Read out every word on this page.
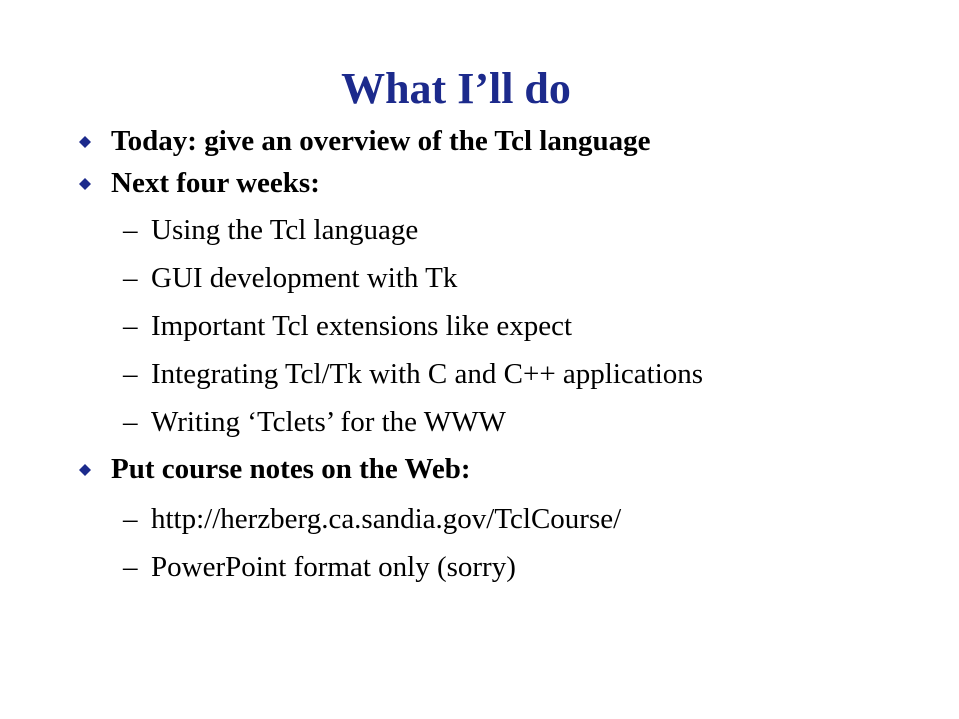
What I’ll do
Today: give an overview of the Tcl language
Next four weeks:
– Using the Tcl language
– GUI development with Tk
– Important Tcl extensions like expect
– Integrating Tcl/Tk with C and C++ applications
– Writing ‘Tclets’ for the WWW
Put course notes on the Web:
– http://herzberg.ca.sandia.gov/TclCourse/
– PowerPoint format only (sorry)
